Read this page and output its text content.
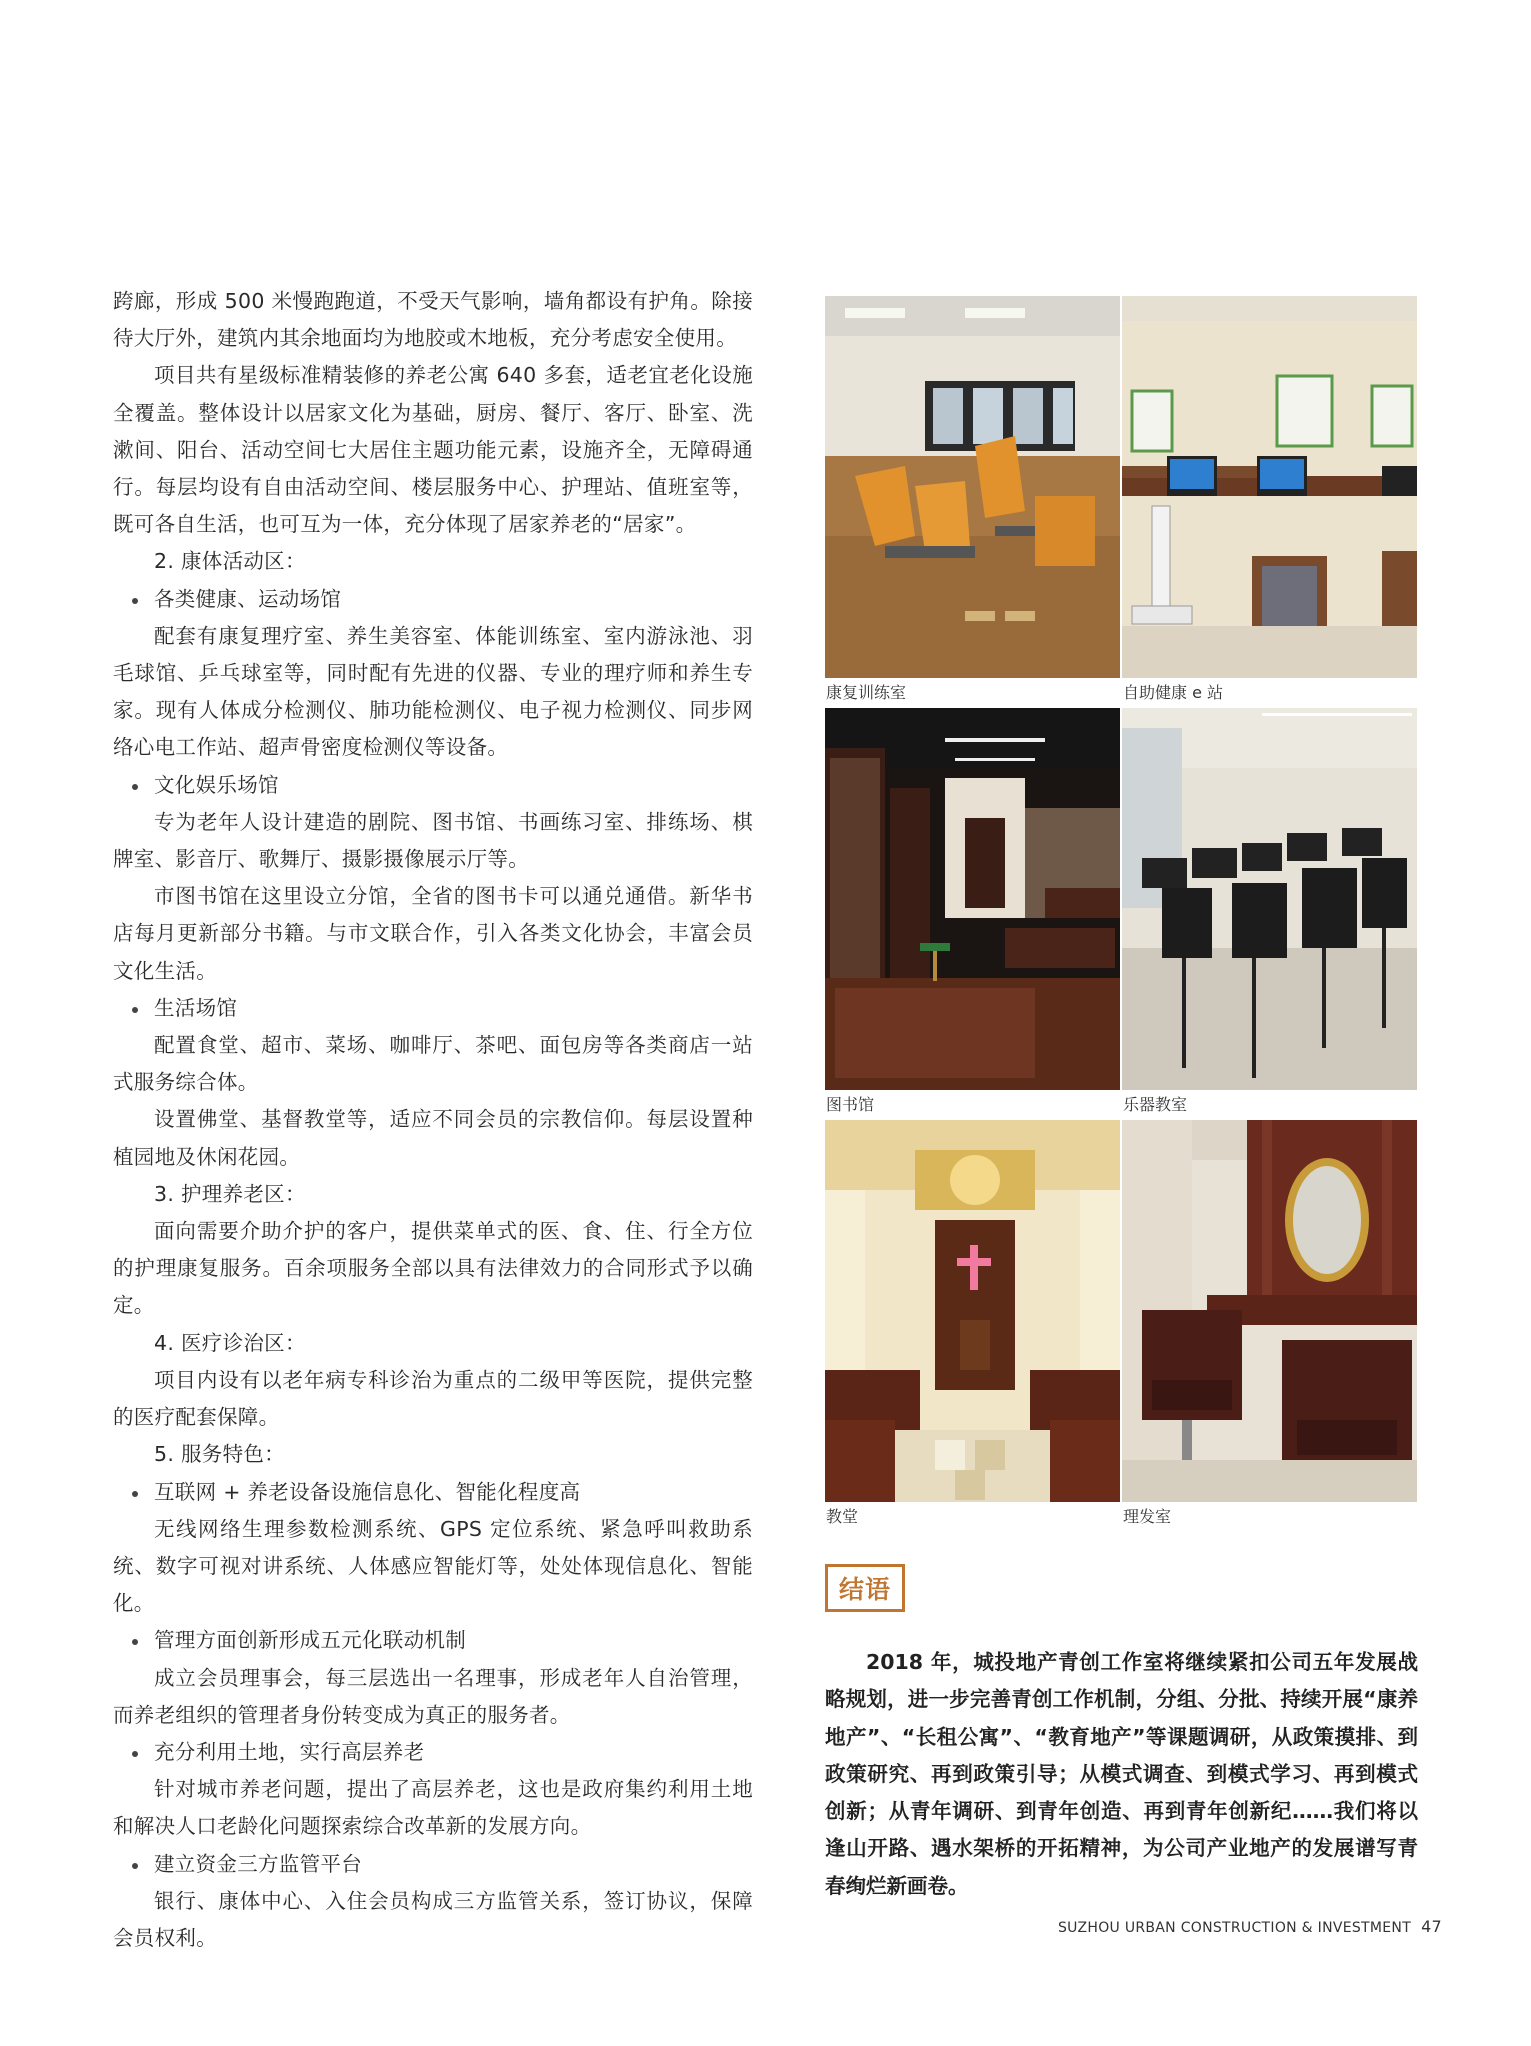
跨廊，形成 500 米慢跑跑道，不受天气影响，墙角都设有护角。除接待大厅外，建筑内其余地面均为地胶或木地板，充分考虑安全使用。

项目共有星级标准精装修的养老公寓 640 多套，适老宜老化设施全覆盖。整体设计以居家文化为基础，厨房、餐厅、客厅、卧室、洗漱间、阳台、活动空间七大居住主题功能元素，设施齐全，无障碍通行。每层均设有自由活动空间、楼层服务中心、护理站、值班室等，既可各自生活，也可互为一体，充分体现了居家养老的“居家”。

2. 康体活动区：

各类健康、运动场馆

配套有康复理疗室、养生美容室、体能训练室、室内游泳池、羽毛球馆、乒乓球室等，同时配有先进的仪器、专业的理疗师和养生专家。现有人体成分检测仪、肺功能检测仪、电子视力检测仪、同步网络心电工作站、超声骨密度检测仪等设备。

文化娱乐场馆

专为老年人设计建造的剧院、图书馆、书画练习室、排练场、棋牌室、影音厅、歌舞厅、摄影摄像展示厅等。

市图书馆在这里设立分馆，全省的图书卡可以通兑通借。新华书店每月更新部分书籍。与市文联合作，引入各类文化协会，丰富会员文化生活。

生活场馆

配置食堂、超市、菜场、咖啡厅、茶吧、面包房等各类商店一站式服务综合体。

设置佛堂、基督教堂等，适应不同会员的宗教信仰。每层设置种植园地及休闲花园。

3. 护理养老区：

面向需要介助介护的客户，提供菜单式的医、食、住、行全方位的护理康复服务。百余项服务全部以具有法律效力的合同形式予以确定。

4. 医疗诊治区：

项目内设有以老年病专科诊治为重点的二级甲等医院，提供完整的医疗配套保障。

5. 服务特色：

互联网 + 养老设备设施信息化、智能化程度高

无线网络生理参数检测系统、GPS 定位系统、紧急呼叫救助系统、数字可视对讲系统、人体感应智能灯等，处处体现信息化、智能化。

管理方面创新形成五元化联动机制

成立会员理事会，每三层选出一名理事，形成老年人自治管理，而养老组织的管理者身份转变成为真正的服务者。

充分利用土地，实行高层养老

针对城市养老问题，提出了高层养老，这也是政府集约利用土地和解决人口老龄化问题探索综合改革新的发展方向。

建立资金三方监管平台

银行、康体中心、入住会员构成三方监管关系，签订协议，保障会员权利。

康复训练室	自助健康 e 站
图书馆	乐器教室
教堂	理发室
结语

2018 年，城投地产青创工作室将继续紧扣公司五年发展战略规划，进一步完善青创工作机制，分组、分批、持续开展“康养地产”、“长租公寓”、“教育地产”等课题调研，从政策摸排、到政策研究、再到政策引导；从模式调查、到模式学习、再到模式创新；从青年调研、到青年创造、再到青年创新纪……我们将以逢山开路、遇水架桥的开拓精神，为公司产业地产的发展谱写青春绚烂新画卷。

SUZHOU URBAN CONSTRUCTION & INVESTMENT 47
